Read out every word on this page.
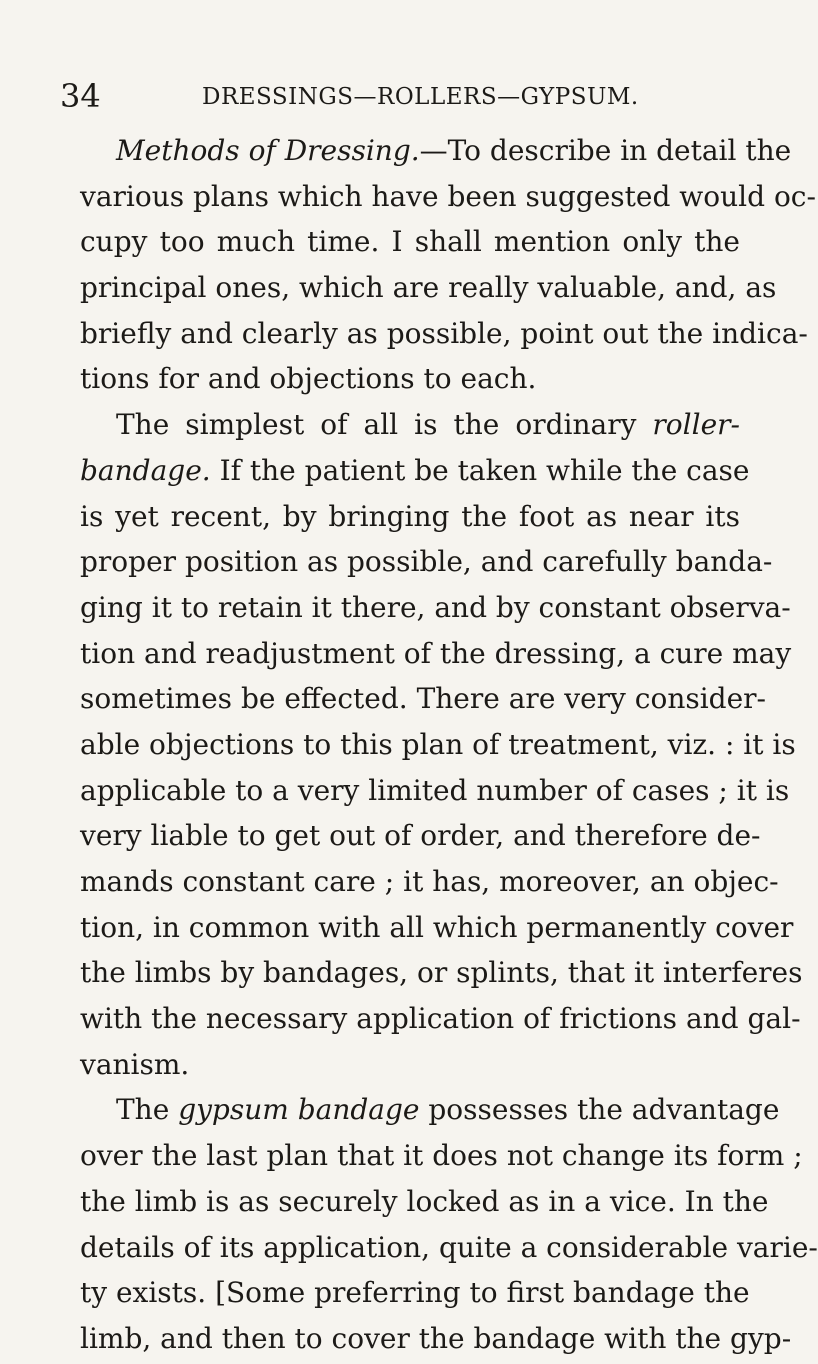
34	DRESSINGS—ROLLERS—GYPSUM.
Methods of Dressing.—To describe in detail the
various plans which have been suggested would oc-
cupy too much time. I shall mention only the
principal ones, which are really valuable, and, as
briefly and clearly as possible, point out the indica-
tions for and objections to each.
The simplest of all is the ordinary roller-
bandage. If the patient be taken while the case
is yet recent, by bringing the foot as near its
proper position as possible, and carefully banda-
ging it to retain it there, and by constant observa-
tion and readjustment of the dressing, a cure may
sometimes be effected. There are very consider-
able objections to this plan of treatment, viz. : it is
applicable to a very limited number of cases ; it is
very liable to get out of order, and therefore de-
mands constant care ; it has, moreover, an objec-
tion, in common with all which permanently cover
the limbs by bandages, or splints, that it interferes
with the necessary application of frictions and gal-
vanism.
The gypsum bandage possesses the advantage
over the last plan that it does not change its form ;
the limb is as securely locked as in a vice. In the
details of its application, quite a considerable varie-
ty exists. [Some preferring to first bandage the
limb, and then to cover the bandage with the gyp-
